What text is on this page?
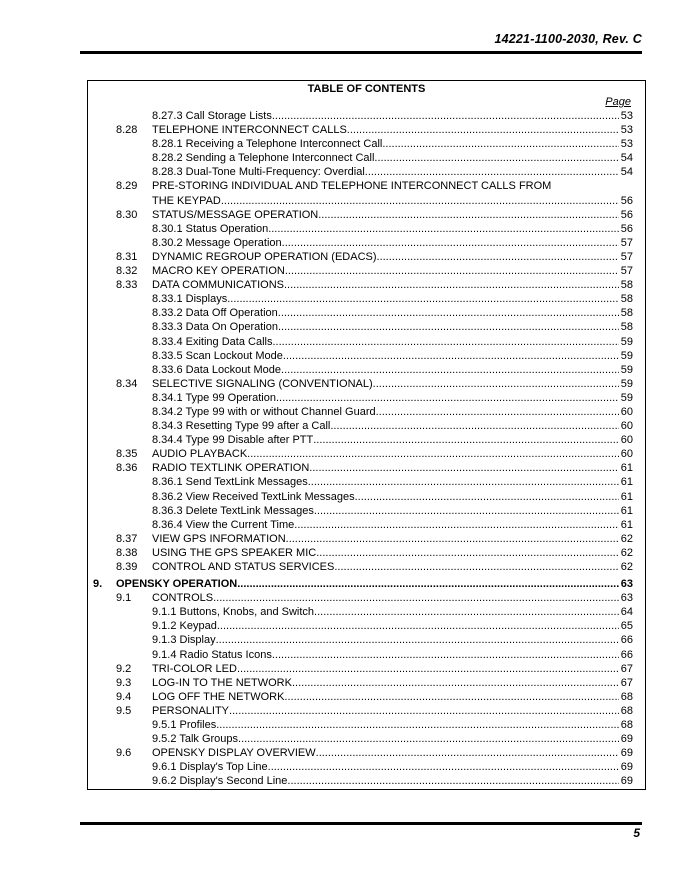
14221-1100-2030, Rev. C
TABLE OF CONTENTS
Page
8.27.3 Call Storage Lists .....	53
8.28 TELEPHONE INTERCONNECT CALLS .....	53
8.28.1 Receiving a Telephone Interconnect Call .....	53
8.28.2 Sending a Telephone Interconnect Call .....	54
8.28.3 Dual-Tone Multi-Frequency: Overdial .....	54
8.29 PRE-STORING INDIVIDUAL AND TELEPHONE INTERCONNECT CALLS FROM
THE KEYPAD .....	56
8.30 STATUS/MESSAGE OPERATION .....	56
8.30.1 Status Operation .....	56
8.30.2 Message Operation .....	57
8.31 DYNAMIC REGROUP OPERATION (EDACS) .....	57
8.32 MACRO KEY OPERATION .....	57
8.33 DATA COMMUNICATIONS .....	58
8.33.1 Displays .....	58
8.33.2 Data Off Operation .....	58
8.33.3 Data On Operation .....	58
8.33.4 Exiting Data Calls .....	59
8.33.5 Scan Lockout Mode .....	59
8.33.6 Data Lockout Mode .....	59
8.34 SELECTIVE SIGNALING (CONVENTIONAL) .....	59
8.34.1 Type 99 Operation .....	59
8.34.2 Type 99 with or without Channel Guard .....	60
8.34.3 Resetting Type 99 after a Call .....	60
8.34.4 Type 99 Disable after PTT .....	60
8.35 AUDIO PLAYBACK .....	60
8.36 RADIO TEXTLINK OPERATION .....	61
8.36.1 Send TextLink Messages .....	61
8.36.2 View Received TextLink Messages .....	61
8.36.3 Delete TextLink Messages .....	61
8.36.4 View the Current Time .....	61
8.37 VIEW GPS INFORMATION .....	62
8.38 USING THE GPS SPEAKER MIC .....	62
8.39 CONTROL AND STATUS SERVICES .....	62
9. OPENSKY OPERATION .....	63
9.1 CONTROLS .....	63
9.1.1 Buttons, Knobs, and Switch .....	64
9.1.2 Keypad .....	65
9.1.3 Display .....	66
9.1.4 Radio Status Icons .....	66
9.2 TRI-COLOR LED .....	67
9.3 LOG-IN TO THE NETWORK .....	67
9.4 LOG OFF THE NETWORK .....	68
9.5 PERSONALITY .....	68
9.5.1 Profiles .....	68
9.5.2 Talk Groups .....	69
9.6 OPENSKY DISPLAY OVERVIEW .....	69
9.6.1 Display's Top Line .....	69
9.6.2 Display's Second Line .....	69
5
